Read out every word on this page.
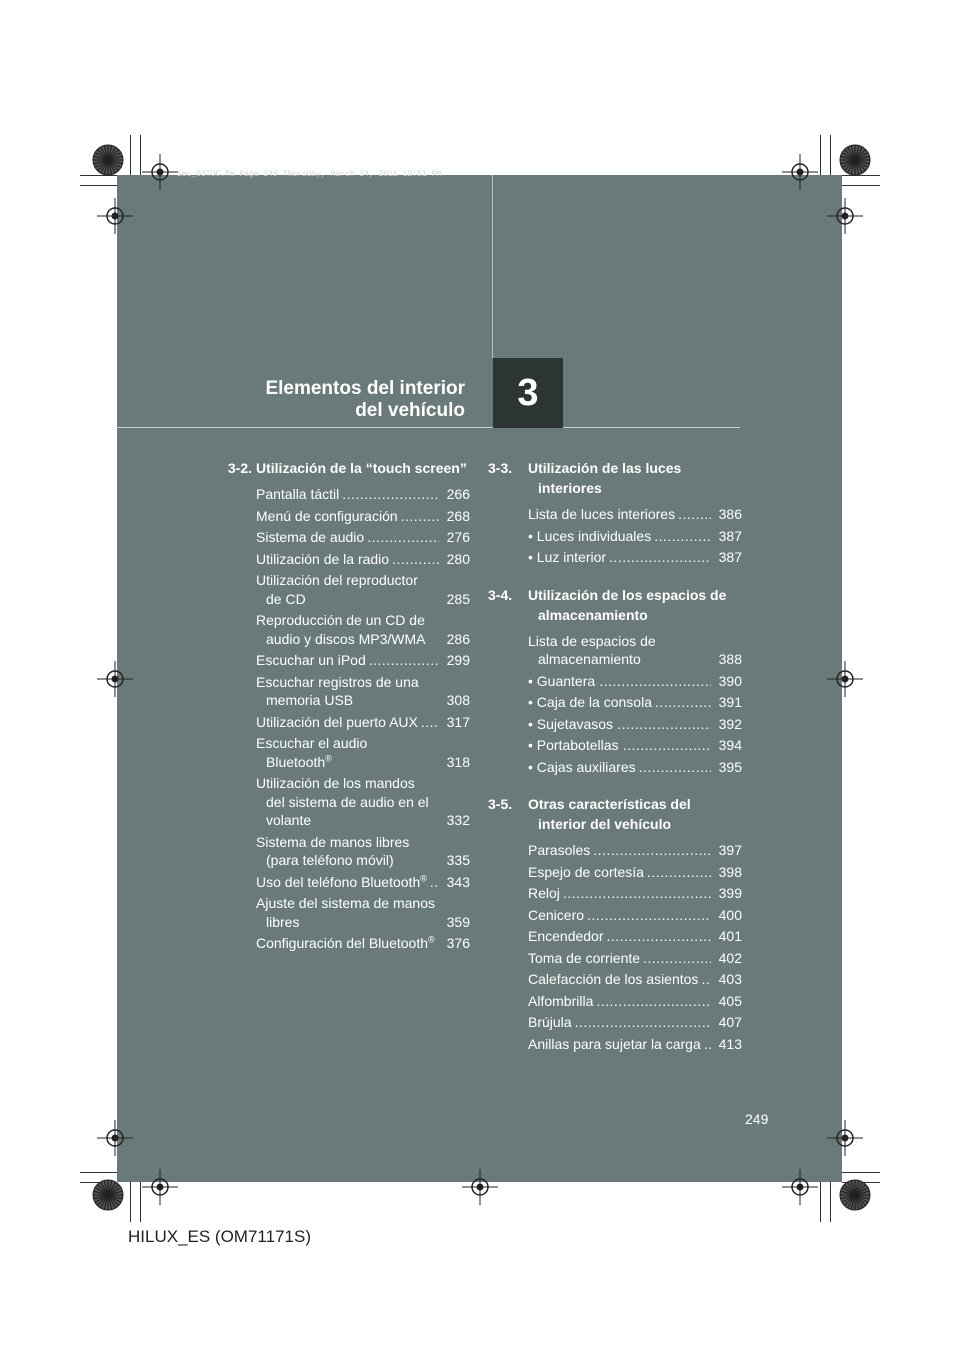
Sec_03TOC.fm Page 249 Thursday, March 24, 2011 12:51 PM
Elementos del interior
del vehículo	3
3-2. Utilización de la “touch screen”
Pantalla táctil .....	266
Menú de configuración .....	268
Sistema de audio .....	276
Utilización de la radio .....	280
Utilización del reproductor de CD	285
Reproducción de un CD de audio y discos MP3/WMA	286
Escuchar un iPod .....	299
Escuchar registros de una memoria USB	308
Utilización del puerto AUX .....	317
Escuchar el audio Bluetooth®	318
Utilización de los mandos del sistema de audio en el volante	332
Sistema de manos libres (para teléfono móvil)	335
Uso del teléfono Bluetooth® .....	343
Ajuste del sistema de manos libres	359
Configuración del Bluetooth® ..... 376
3-3.	Utilización de las luces interiores
Lista de luces interiores .....	386
• Luces individuales .....	387
• Luz interior .....	387
3-4.	Utilización de los espacios de almacenamiento
Lista de espacios de almacenamiento	388
• Guantera .....	390
• Caja de la consola .....	391
• Sujetavasos .....	392
• Portabotellas .....	394
• Cajas auxiliares .....	395
3-5.	Otras características del interior del vehículo
Parasoles .....	397
Espejo de cortesía .....	398
Reloj .....	399
Cenicero .....	400
Encendedor .....	401
Toma de corriente .....	402
Calefacción de los asientos .....	403
Alfombrilla .....	405
Brújula .....	407
Anillas para sujetar la carga .....	413
249
HILUX_ES (OM71171S)
